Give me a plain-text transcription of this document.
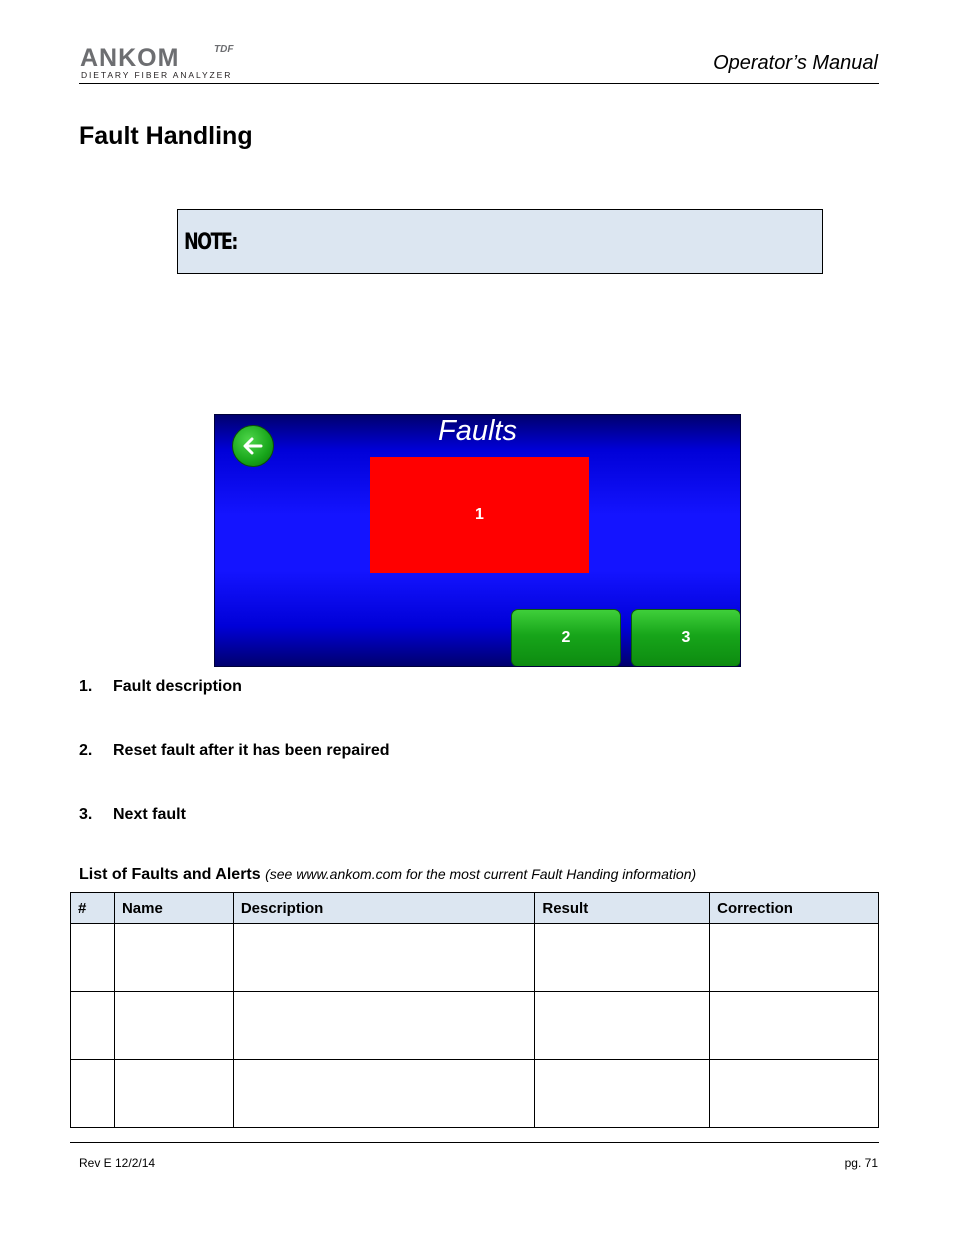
ANKOM	TDF
DIETARY FIBER ANALYZER
Operator’s Manual
Fault Handling
NOTE:
Faults
1
2	3
1. Fault description
2. Reset fault after it has been repaired
3. Next fault
List of Faults and Alerts (see www.ankom.com for the most current Fault Handing information)
#	Name	Description	Result	Correction

Rev E 12/2/14	pg. 71
